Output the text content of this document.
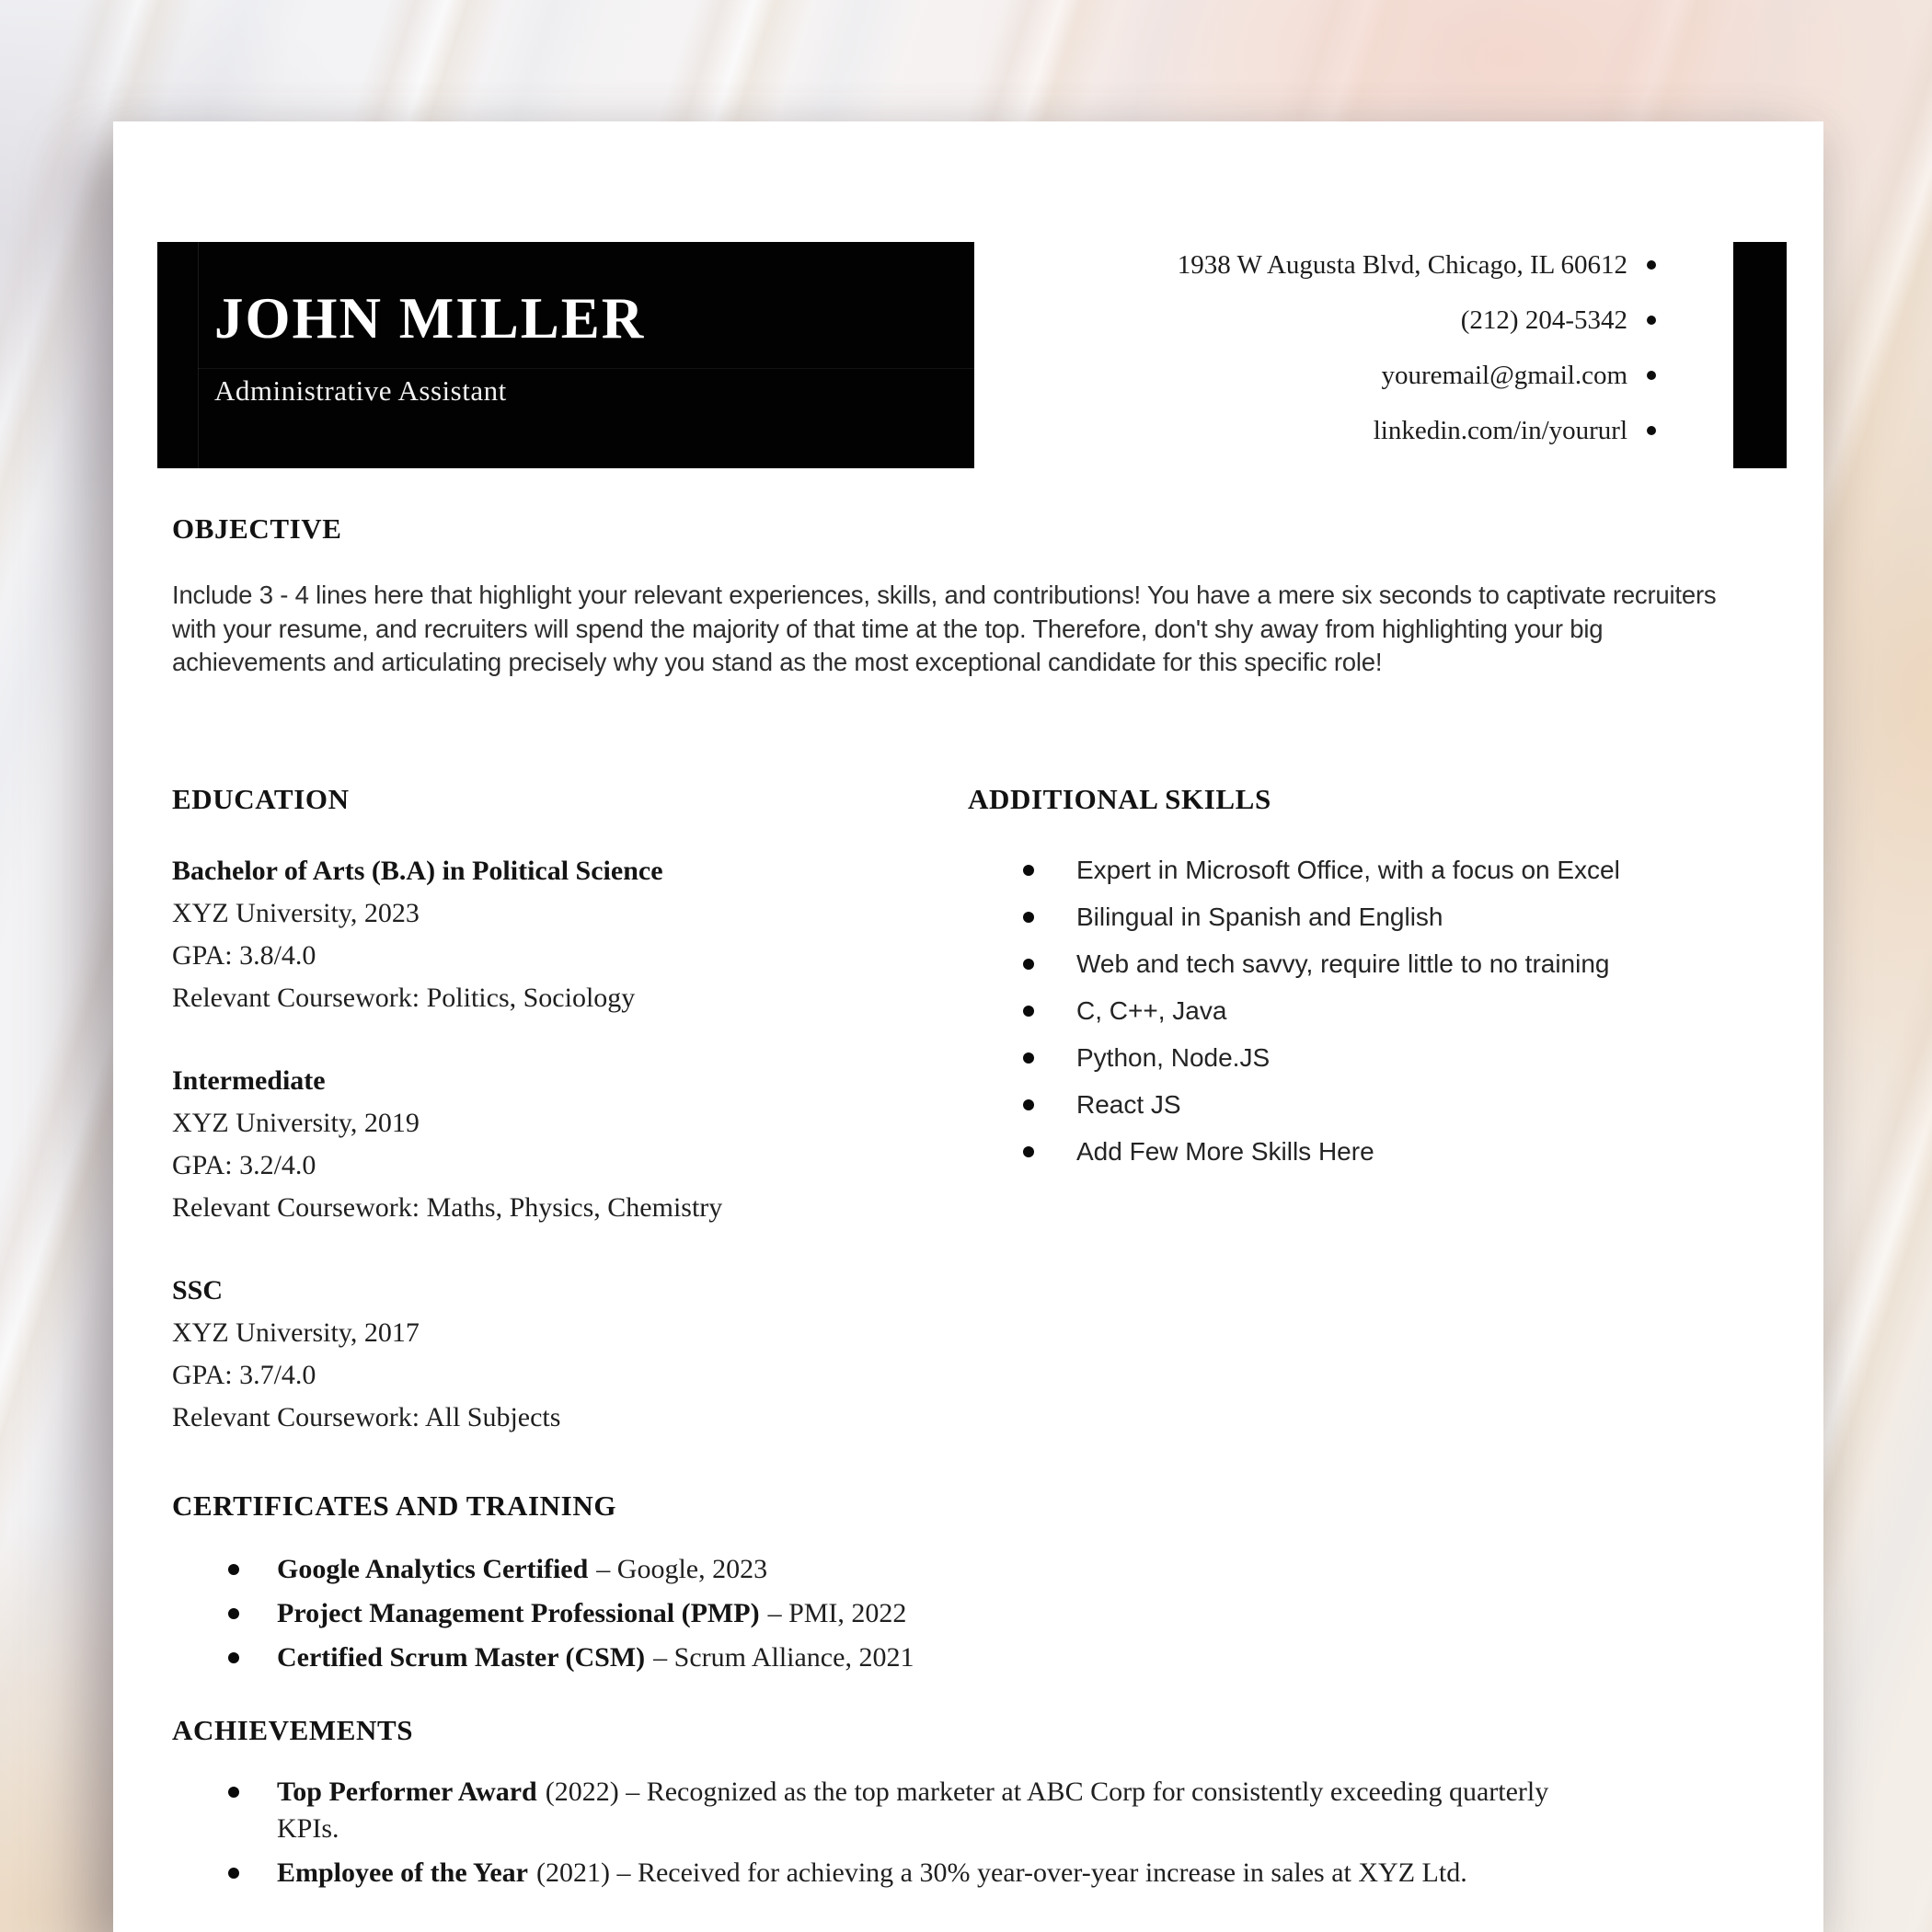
JOHN MILLER
Administrative Assistant
1938 W Augusta Blvd, Chicago, IL 60612
(212) 204-5342
youremail@gmail.com
linkedin.com/in/yoururl
OBJECTIVE
Include 3 - 4 lines here that highlight your relevant experiences, skills, and contributions! You have a mere six seconds to captivate recruiters with your resume, and recruiters will spend the majority of that time at the top. Therefore, don't shy away from highlighting your big achievements and articulating precisely why you stand as the most exceptional candidate for this specific role!
EDUCATION
Bachelor of Arts (B.A) in Political Science
XYZ University, 2023
GPA: 3.8/4.0
Relevant Coursework: Politics, Sociology
Intermediate
XYZ University, 2019
GPA: 3.2/4.0
Relevant Coursework: Maths, Physics, Chemistry
SSC
XYZ University, 2017
GPA: 3.7/4.0
Relevant Coursework: All Subjects
ADDITIONAL SKILLS
Expert in Microsoft Office, with a focus on Excel
Bilingual in Spanish and English
Web and tech savvy, require little to no training
C, C++, Java
Python, Node.JS
React JS
Add Few More Skills Here
CERTIFICATES AND TRAINING
Google Analytics Certified – Google, 2023
Project Management Professional (PMP) – PMI, 2022
Certified Scrum Master (CSM) – Scrum Alliance, 2021
ACHIEVEMENTS
Top Performer Award (2022) – Recognized as the top marketer at ABC Corp for consistently exceeding quarterly KPIs.
Employee of the Year (2021) – Received for achieving a 30% year-over-year increase in sales at XYZ Ltd.
